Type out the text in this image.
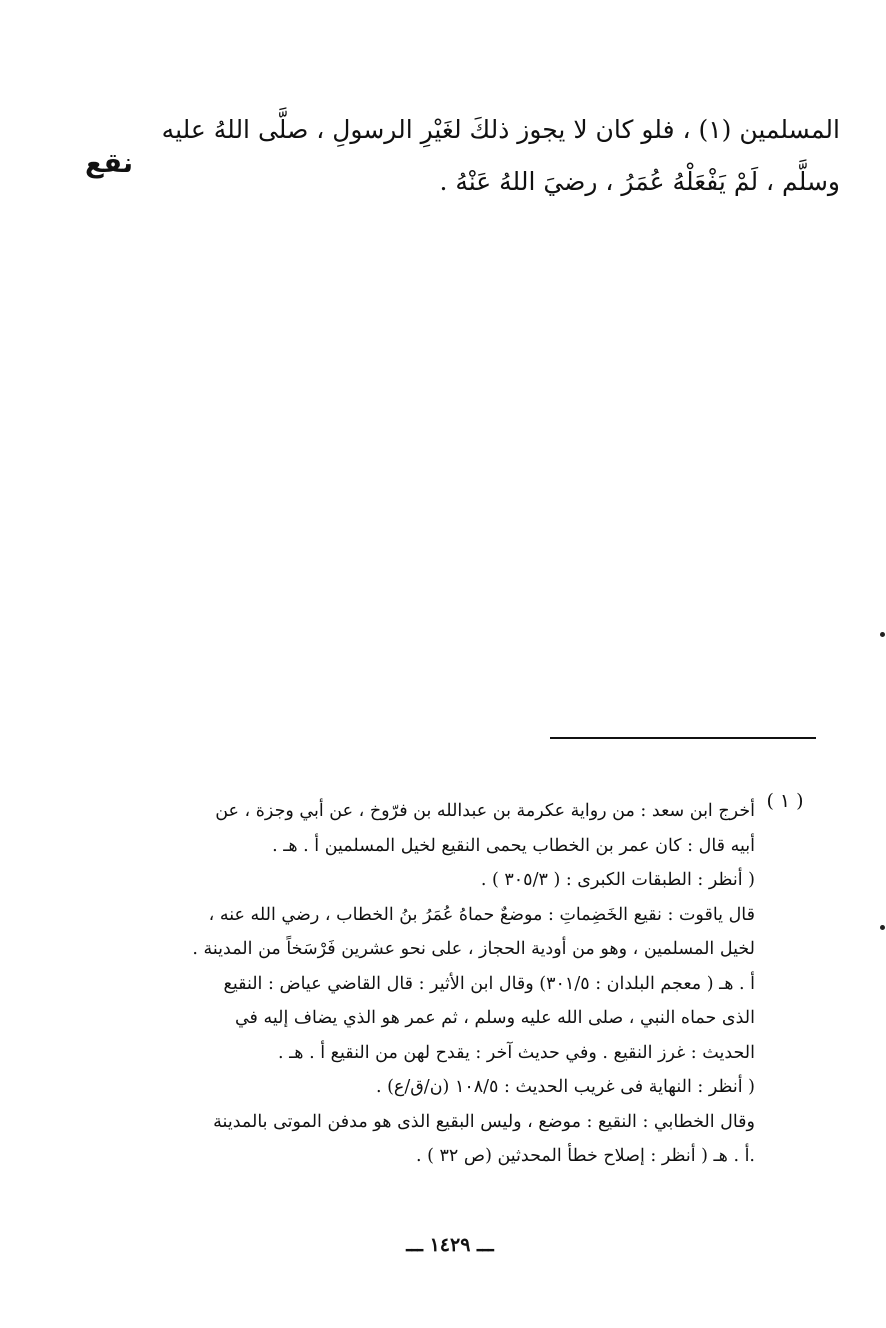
نقع
المسلمين (١) ، فلو كان لا يجوز ذلكَ لغَيْرِ الرسولِ ، صلَّى اللهُ عليه
وسلَّم ، لَمْ يَفْعَلْهُ عُمَرُ ، رضيَ اللهُ عَنْهُ .
( ١ )
أخرج ابن سعد : من رواية عكرمة بن عبدالله بن فرّوخ ، عن أبي وجزة ، عن
أبيه قال : كان عمر بن الخطاب يحمى النقيع لخيل المسلمين أ . هـ .
( أنظر : الطبقات الكبرى : ( ٣٠٥/٣ ) .
قال ياقوت : نقيع الخَضِماتِ : موضعٌ حماهُ عُمَرُ بنُ الخطاب ، رضي الله عنه ،
لخيل المسلمين ، وهو من أودية الحجاز ، على نحو عشرين فَرْسَخاً من المدينة .
أ . هـ ( معجم البلدان : ٣٠١/٥) وقال ابن الأثير : قال القاضي عياض : النقيع
الذى حماه النبي ، صلى الله عليه وسلم ، ثم عمر هو الذي يضاف إليه في
الحديث : غرز النقيع . وفي حديث آخر : يقدح لهن من النقيع أ . هـ .
( أنظر : النهاية فى غريب الحديث : ١٠٨/٥ (ن/ق/ع) .
وقال الخطابي : النقيع : موضع ، وليس البقيع الذى هو مدفن الموتى بالمدينة
.أ . هـ ( أنظر : إصلاح خطأ المحدثين (ص ٣٢ ) .
ـــ ١٤٢٩ ـــ
